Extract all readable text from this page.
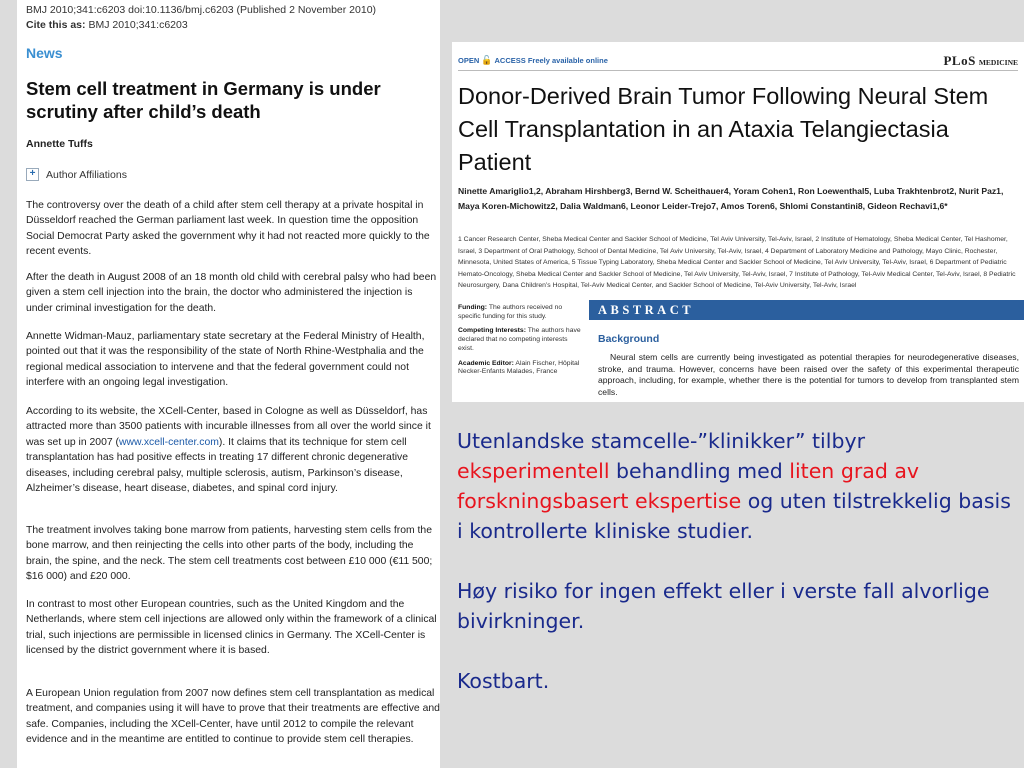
BMJ 2010;341:c6203 doi:10.1136/bmj.c6203 (Published 2 November 2010)
Cite this as: BMJ 2010;341:c6203
News
Stem cell treatment in Germany is under scrutiny after child’s death
Annette Tuffs
+	Author Affiliations
The controversy over the death of a child after stem cell therapy at a private hospital in Düsseldorf reached the German parliament last week. In question time the opposition Social Democrat Party asked the government why it had not reacted more quickly to the recent events.
After the death in August 2008 of an 18 month old child with cerebral palsy who had been given a stem cell injection into the brain, the doctor who administered the injection is under criminal investigation for the death.
Annette Widman-Mauz, parliamentary state secretary at the Federal Ministry of Health, pointed out that it was the responsibility of the state of North Rhine-Westphalia and the regional medical association to intervene and that the federal government could not interfere with an ongoing legal investigation.
According to its website, the XCell-Center, based in Cologne as well as Düsseldorf, has attracted more than 3500 patients with incurable illnesses from all over the world since it was set up in 2007 (www.xcell-center.com). It claims that its technique for stem cell transplantation has had positive effects in treating 17 different chronic degenerative diseases, including cerebral palsy, multiple sclerosis, autism, Parkinson’s disease, Alzheimer’s disease, heart disease, diabetes, and spinal cord injury.
The treatment involves taking bone marrow from patients, harvesting stem cells from the bone marrow, and then reinjecting the cells into other parts of the body, including the brain, the spine, and the neck. The stem cell treatments cost between £10 000 (€11 500; $16 000) and £20 000.
In contrast to most other European countries, such as the United Kingdom and the Netherlands, where stem cell injections are allowed only within the framework of a clinical trial, such injections are permissible in licensed clinics in Germany. The XCell-Center is licensed by the district government where it is based.
A European Union regulation from 2007 now defines stem cell transplantation as medical treatment, and companies using it will have to prove that their treatments are effective and safe. Companies, including the XCell-Center, have until 2012 to compile the relevant evidence and in the meantime are entitled to continue to provide stem cell therapies.
OPEN 🔓 ACCESS Freely available online	PLoS MEDICINE
Donor-Derived Brain Tumor Following Neural Stem Cell Transplantation in an Ataxia Telangiectasia Patient
Ninette Amariglio1,2, Abraham Hirshberg3, Bernd W. Scheithauer4, Yoram Cohen1, Ron Loewenthal5, Luba Trakhtenbrot2, Nurit Paz1, Maya Koren-Michowitz2, Dalia Waldman6, Leonor Leider-Trejo7, Amos Toren6, Shlomi Constantini8, Gideon Rechavi1,6*
1 Cancer Research Center, Sheba Medical Center and Sackler School of Medicine, Tel Aviv University, Tel-Aviv, Israel, 2 Institute of Hematology, Sheba Medical Center, Tel Hashomer, Israel, 3 Department of Oral Pathology, School of Dental Medicine, Tel Aviv University, Tel-Aviv, Israel, 4 Department of Laboratory Medicine and Pathology, Mayo Clinic, Rochester, Minnesota, United States of America, 5 Tissue Typing Laboratory, Sheba Medical Center and Sackler School of Medicine, Tel Aviv University, Tel-Aviv, Israel, 6 Department of Pediatric Hemato-Oncology, Sheba Medical Center and Sackler School of Medicine, Tel Aviv University, Tel-Aviv, Israel, 7 Institute of Pathology, Tel-Aviv Medical Center, Tel-Aviv, Israel, 8 Pediatric Neurosurgery, Dana Children’s Hospital, Tel-Aviv Medical Center, and Sackler School of Medicine, Tel-Aviv University, Tel-Aviv, Israel

Funding: The authors received no specific funding for this study.

Competing Interests: The authors have declared that no competing interests exist.

Academic Editor: Alain Fischer, Hôpital Necker-Enfants Malades, France

ABSTRACT
Background
Neural stem cells are currently being investigated as potential therapies for neurodegenerative diseases, stroke, and trauma. However, concerns have been raised over the safety of this experimental therapeutic approach, including, for example, whether there is the potential for tumors to develop from transplanted stem cells.

Utenlandske stamcelle-”klinikker” tilbyr eksperimentell behandling med liten grad av forskningsbasert ekspertise og uten tilstrekkelig basis i kontrollerte kliniske studier.

Høy risiko for ingen effekt eller i verste fall alvorlige bivirkninger.

Kostbart.
